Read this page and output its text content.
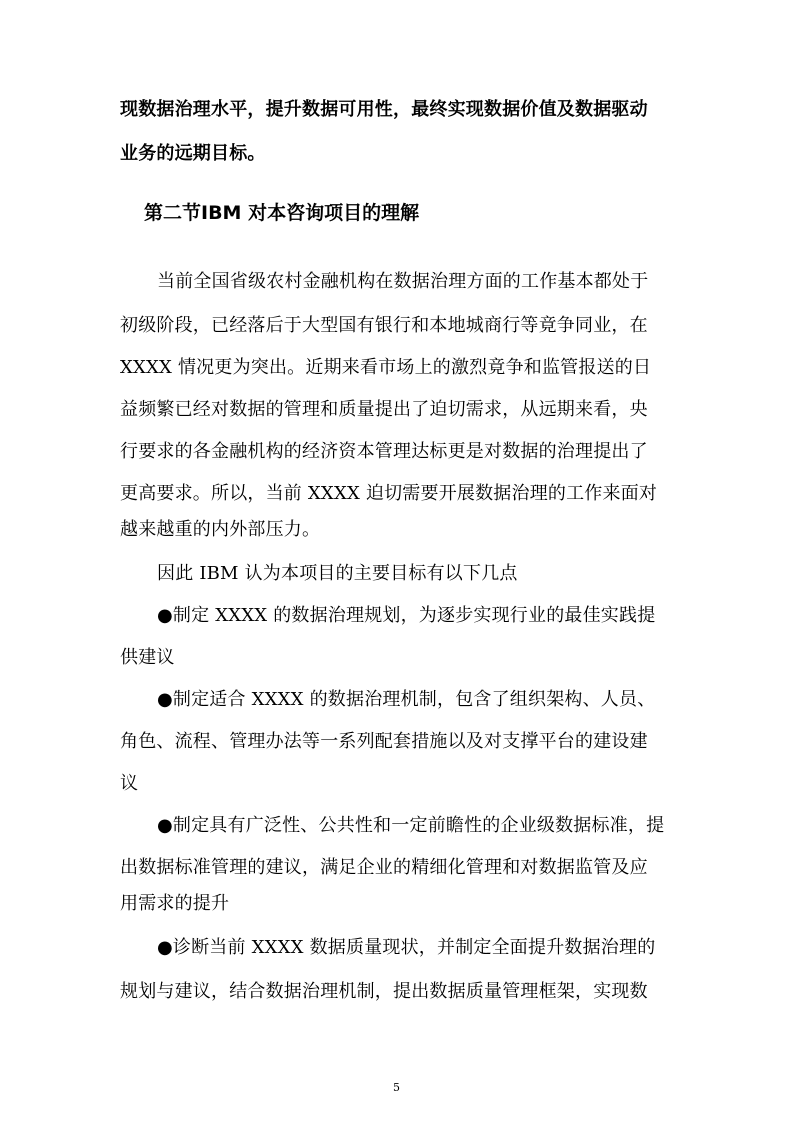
现数据治理水平，提升数据可用性，最终实现数据价值及数据驱动
业务的远期目标。
第二节IBM 对本咨询项目的理解
当前全国省级农村金融机构在数据治理方面的工作基本都处于
初级阶段，已经落后于大型国有银行和本地城商行等竟争同业，在
XXXX 情况更为突出。近期来看市场上的激烈竟争和监管报送的日
益频繁已经对数据的管理和质量提出了迫切需求，从远期来看，央
行要求的各金融机构的经济资本管理达标更是对数据的治理提出了
更高要求。所以，当前 XXXX 迫切需要开展数据治理的工作来面对
越来越重的内外部压力。
因此 IBM 认为本项目的主要目标有以下几点
●制定 XXXX 的数据治理规划，为逐步实现行业的最佳实践提
供建议
●制定适合 XXXX 的数据治理机制，包含了组织架构、人员、
角色、流程、管理办法等一系列配套措施以及对支撑平台的建设建
议
●制定具有广泛性、公共性和一定前瞻性的企业级数据标准，提
出数据标准管理的建议，满足企业的精细化管理和对数据监管及应
用需求的提升
●诊断当前 XXXX 数据质量现状，并制定全面提升数据治理的
规划与建议，结合数据治理机制，提出数据质量管理框架，实现数
5
